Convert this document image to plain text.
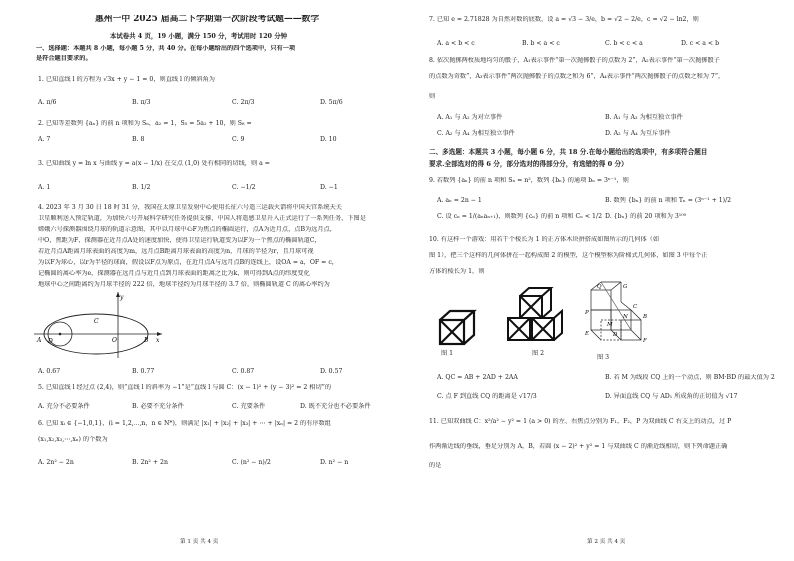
惠州一中 2025 届高二下学期第一次阶段考试题——数学
本试卷共 4 页，19 小题，满分 150 分，考试用时 120 分钟
一、选择题：本题共 8 小题，每小题 5 分，共 40 分。在每小题给出的四个选项中，只有一项
是符合题目要求的。
1. 已知直线 l 的方程为 √3x + y − 1 = 0，则直线 l 的倾斜角为
A. π/6	B. π/3	C. 2π/3	D. 5π/6
2. 已知等差数列 {aₙ} 的前 n 项和为 Sₙ，a₂ = 1，S₅ = 5a₂ + 10，则 S₈ =
A. 7	B. 8	C. 9	D. 10
3. 已知曲线 y = ln x 与曲线 y = a(x − 1/x) 在交点 (1,0) 处有相同的切线，则 a =
A. 1	B. 1/2	C. −1/2	D. −1
4. 2023 年 3 月 30 日 18 时 31 分，我国在太原卫星发射中心使用长征六号遥三运载火箭将中国天宫系统天关
卫星顺利送入预定轨道，为加快六号开展科学研究任务提供支撑，中国人将遥感卫星升入正式运行了一系列任务，下图是
嫦娥六号探测器围绕月球的轨道示意图，其中以月球中心F为焦点的椭圆运行，点A为近月点，点B为远月点，
中O，焦距为F，探测器在近月点A处的速度加快，使得卫星运行轨道变为以F为一个焦点的椭圆轨道C，
若近月点A距离月球表面的高度为m，远月点B距离月球表面的高度为n，月球的半径为r，且月球可视
为以F为球心，以r为半径的球面，假设以F点为原点，在近月点A与远月点B的连线上，设OA = a，OF = c，
记椭圆的离心率为e，探测器在远月点与近月点到月球表面的距离之比为k，则可得到A点的纬度变化
地球中心之间距离约为月球半径的 222 倍，地球半径约为月球半径的 3.7 倍，则椭圆轨道 C 的离心率约为
y
C
A	O	B x
D
A. 0.67	B. 0.77	C. 0.87	D. 0.57
5. 已知直线 l 经过点 (2,4)，则“直线 l 的斜率为 −1”是“直线 l 与圆 C：(x − 1)² + (y − 3)² = 2 相切”的
A. 充分不必要条件	B. 必要不充分条件	C. 充要条件	D. 既不充分也不必要条件
6. 已知 xᵢ ∈ {−1,0,1}，(i = 1,2,⋯,n，n ∈ N*)，则满足 |x₁| + |x₂| + |x₃| + ⋯ + |xₙ| = 2 的有序数组
(x₁,x₂,x₃,⋯,xₙ) 的个数为
A. 2n² − 2n	B. 2n² + 2n	C. (n² − n)/2	D. n² − n
第 1 页 共 4 页
7. 已知 e ≈ 2.71828 为自然对数的底数，设 a = √3 − 3/e，b = √2 − 2/e，c = √2 − ln2，则
A. a < b < c	B. b < a < c	C. b < c < a	D. c < a < b
8. 依次抛掷两枚质地均匀的骰子，A₁表示事件“第一次抛掷骰子的点数为 2”，A₂表示事件“第一次抛掷骰子
的点数为奇数”，A₃表示事件“两次抛掷骰子的点数之和为 6”，A₄表示事件“两次抛掷骰子的点数之和为 7”，
则
A. A₁ 与 A₂ 为对立事件	B. A₁ 与 A₃ 为相互独立事件
C. A₂ 与 A₄ 为相互独立事件	D. A₂ 与 A₄ 为互斥事件
二、多选题：本题共 3 小题，每小题 6 分，共 18 分.在每小题给出的选项中，有多项符合题目
要求.全部选对的得 6 分，部分选对的得部分分，有选错的得 0 分）
9. 若数列 {aₙ} 的前 n 项和 Sₙ = n²，数列 {bₙ} 的通项 bₙ = 3ⁿ⁻¹，则
A. aₙ = 2n − 1	B. 数列 {bₙ} 的前 n 项和 Tₙ = (3ⁿ⁻¹ + 1)/2
C. 设 cₙ = 1/(aₙaₙ₊₁)，则数列 {cₙ} 的前 n 项和 Cₙ < 1/2 D. {bₙ} 的前 20 项和为 3¹⁰⁰
10. 有这样一个游戏：用若干个棱长为 1 的正方体木块拼搭成如图所示的几何体（如
图 1），把三个这样的几何体拼在一起构成图 2 的模型，这个模型称为阶梯式几何体，如图 3 中每个正
方体的棱长为 1，则
图 1	图 2
Q	G
P
C
E	D
B
F
N
M
图 3
A. QC = AB + 2AD + 2AA	B. 若 M 为线段 CQ 上的一个动点，则 BM·BD 的最大值为 2
C. 点 F 到直线 CQ 的距离是 √17/3	D. 异面直线 CQ 与 AD₁ 所成角的正切值为 √17
11. 已知双曲线 C：x²/a² − y² = 1 (a > 0) 的左、右焦点分别为 F₁，F₂，P 为双曲线 C 右支上的动点，过 P
作两渐近线的垂线，垂足分别为 A，B，若圆 (x − 2)² + y² = 1 与双曲线 C 的渐近线相切，则下列命题正确
的是
第 2 页 共 4 页
